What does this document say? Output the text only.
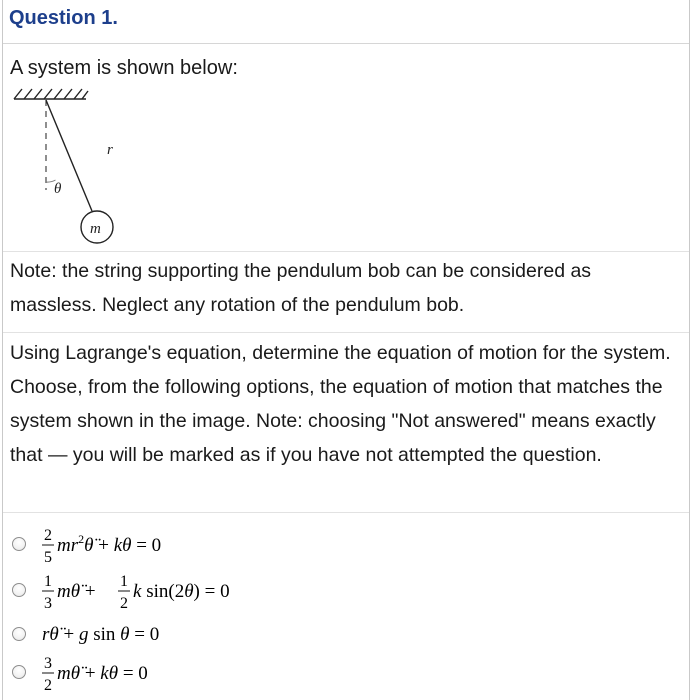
Question 1.
A system is shown below:
r
θ
m
Note: the string supporting the pendulum bob can be considered as massless. Neglect any rotation of the pendulum bob.
Using Lagrange's equation, determine the equation of motion for the system. Choose, from the following options, the equation of motion that matches the system shown in the image. Note: choosing "Not answered" means exactly that — you will be marked as if you have not attempted the question.
2
5
$mr^2\thetä + k\theta = 0$
1
3
mθ̈ + 1
2
k sin(2θ) = 0
rθ̈ + g sin θ = 0
3
2
mθ̈ + kθ = 0
